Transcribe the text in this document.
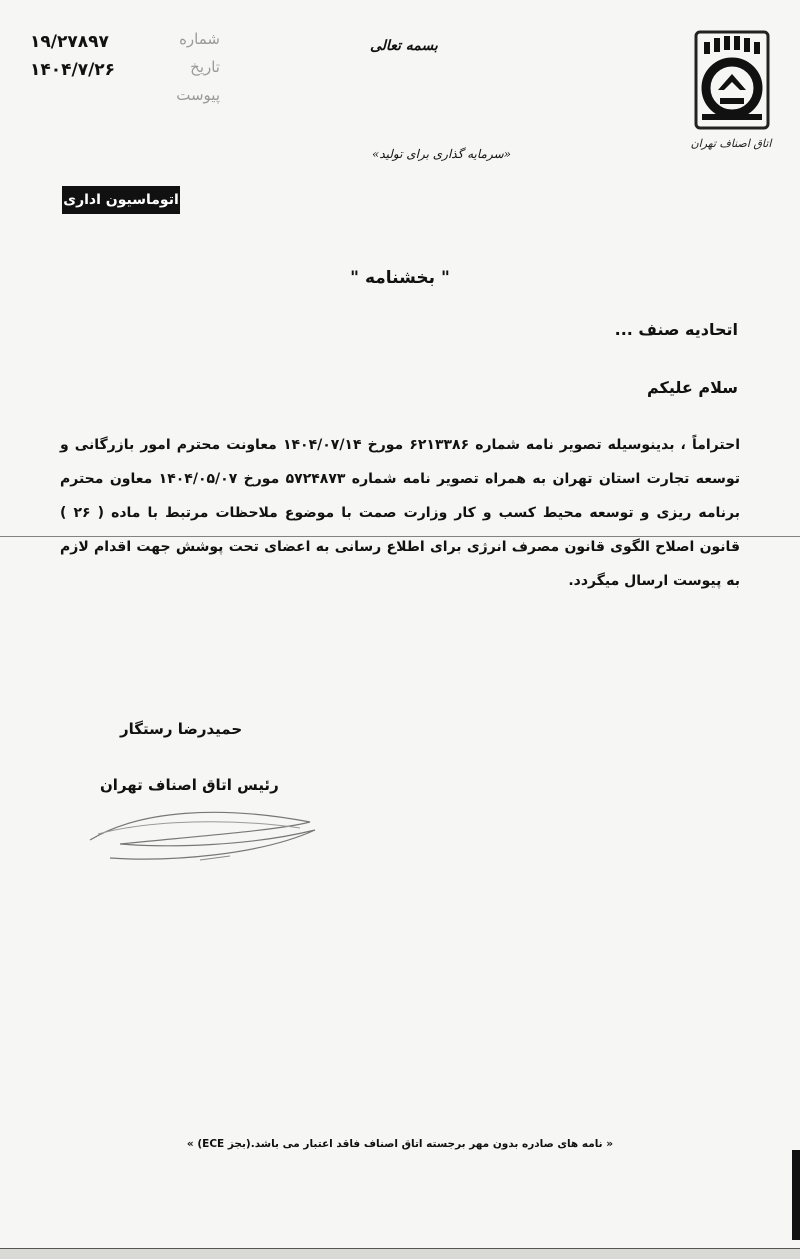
شماره
۱۹/۲۷۸۹۷
تاریخ
۱۴۰۴/۷/۲۶
پیوست
بسمه تعالی
«سرمایه گذاری برای تولید»
اتاق اصناف تهران
اتوماسیون اداری
" بخشنامه "
اتحادیه صنف ...
سلام علیکم
احتراماً ، بدینوسیله تصویر نامه شماره ۶۲۱۳۳۸۶ مورخ ۱۴۰۴/۰۷/۱۴ معاونت محترم امور بازرگانی و توسعه تجارت استان تهران به همراه تصویر نامه شماره ۵۷۲۴۸۷۳ مورخ ۱۴۰۴/۰۵/۰۷ معاون محترم برنامه ریزی و توسعه محیط کسب و کار وزارت صمت با موضوع ملاحظات مرتبط با ماده ( ۲۶ ) قانون اصلاح الگوی قانون مصرف انرژی برای اطلاع رسانی به اعضای تحت پوشش جهت اقدام لازم به پیوست ارسال میگردد.
حمیدرضا رستگار
رئیس اتاق اصناف تهران
« نامه های صادره بدون مهر برجسته اتاق اصناف فاقد اعتبار می باشد.(بجز ECE) »
